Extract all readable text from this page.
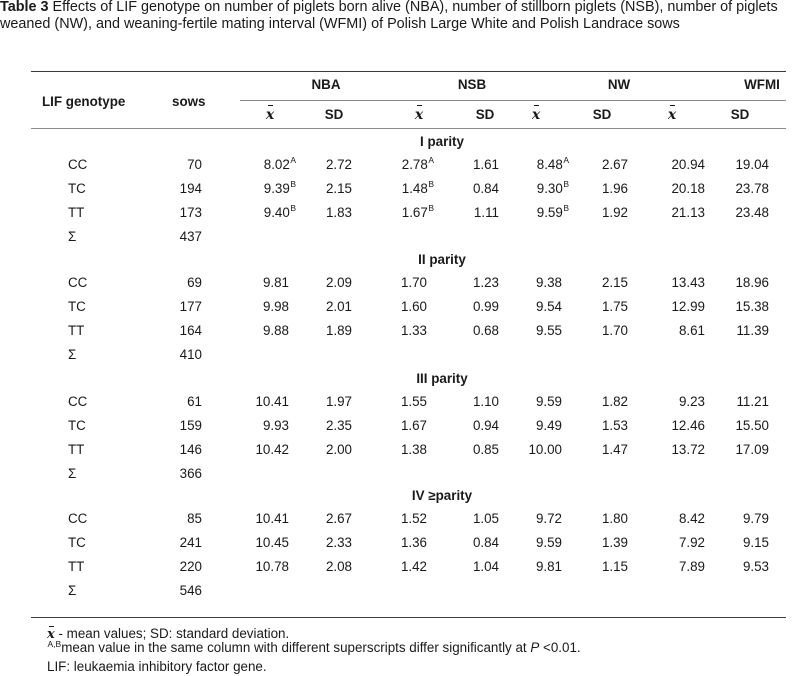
Table 3 Effects of LIF genotype on number of piglets born alive (NBA), number of stillborn piglets (NSB), number of piglets weaned (NW), and weaning-fertile mating interval (WFMI) of Polish Large White and Polish Landrace sows
LIF genotype	sows
NBA	NSB	NW	WFMI
x	SD	x	SD	x	SD	x	SD
I parity
CC	70	$8.02^A$	2.72	$2.78^A$	1.61	$8.48^A$	2.67	20.94	19.04
TC	194	$9.39^B$	2.15	$1.48^B$	0.84	$9.30^B$	1.96	20.18	23.78
TT	173	$9.40^B$	1.83	$1.67^B$	1.11	$9.59^B$	1.92	21.13	23.48
Σ	437
II parity
CC	69	9.81	2.09	1.70	1.23	9.38	2.15	13.43	18.96
TC	177	9.98	2.01	1.60	0.99	9.54	1.75	12.99	15.38
TT	164	9.88	1.89	1.33	0.68	9.55	1.70	8.61	11.39
Σ	410
III parity
CC	61	10.41	1.97	1.55	1.10	9.59	1.82	9.23	11.21
TC	159	9.93	2.35	1.67	0.94	9.49	1.53	12.46	15.50
TT	146	10.42	2.00	1.38	0.85	10.00	1.47	13.72	17.09
Σ	366
IV ≥parity
CC	85	10.41	2.67	1.52	1.05	9.72	1.80	8.42	9.79
TC	241	10.45	2.33	1.36	0.84	9.59	1.39	7.92	9.15
TT	220	10.78	2.08	1.42	1.04	9.81	1.15	7.89	9.53
Σ	546
x - mean values; SD: standard deviation.
$^{A,B}$mean value in the same column with different superscripts differ significantly at P <0.01.
LIF: leukaemia inhibitory factor gene.
